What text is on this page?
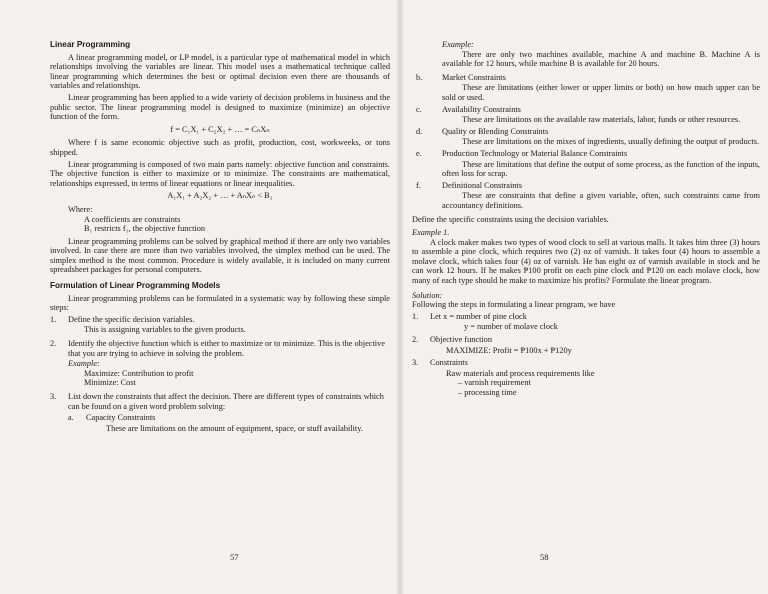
Linear Programming

A linear programming model, or LP model, is a particular type of mathematical model in which relationships involving the variables are linear. This model uses a mathematical technique called linear programming which determines the best or optimal decision even there are thousands of variables and relationships.

Linear programming has been applied to a wide variety of decision problems in business and the public sector. The linear programming model is designed to maximize (minimize) an objective function of the form.

f = C₁X₁ + C₂X₂ + … = CₙXₙ

Where f is same economic objective such as profit, production, cost, workweeks, or tons shipped.

Linear programming is composed of two main parts namely: objective function and constraints. The objective function is either to maximize or to minimize. The constraints are mathematical, relationships expressed, in terms of linear equations or linear inequalities.

A₁X₁ + A₂X₂ + … + AₙXₙ < B₁
Where:
A coefficients are constraints
B₁ restricts f₁, the objective function

Linear programming problems can be solved by graphical method if there are only two variables involved. In case there are more than two variables involved, the simplex method can be used. The simplex method is the most common. Procedure is widely available, it is included on many current spreadsheet packages for personal computers.

Formulation of Linear Programming Models

Linear programming problems can be formulated in a systematic way by following these simple steps:

1.	Define the specific decision variables.
This is assigning variables to the given products.
2.	Identify the objective function which is either to maximize or to minimize. This is the objective that you are trying to achieve in solving the problem.
Example:
Maximize: Contribution to profit
Minimize: Cost
3.	List down the constraints that affect the decision. There are different types of constraints which can be found on a given word problem solving:
a.	Capacity Constraints

These are limitations on the amount of equipment, space, or stuff availability.

57
Example:

There are only two machines available, machine A and machine B. Machine A is available for 12 hours, while machine B is available for 20 hours.

b.	Market Constraints

These are limitations (either lower or upper limits or both) on how much upper can be sold or used.

c.	Availability Constraints

These are limitations on the available raw materials, labor, funds or other resources.

d.	Quality or Blending Constraints

These are limitations on the mixes of ingredients, usually defining the output of products.

e.	Production Technology or Material Balance Constraints

These are limitations that define the output of some process, as the function of the inputs, often loss for scrap.

f.	Definitional Constraints

These are constraints that define a given variable, often, such constraints came from accountancy definitions.

Define the specific constraints using the decision variables.

Example 1.

A clock maker makes two types of wood clock to sell at various malls. It takes him three (3) hours to assemble a pine clock, which requires two (2) oz of varnish. It takes four (4) hours to assemble a molave clock, which takes four (4) oz of varnish. He has eight oz of varnish available in stock and he can work 12 hours. If he makes ₱100 profit on each pine clock and ₱120 on each molave clock, how many of each type should he make to maximize his profits? Formulate the linear program.

Solution:

Following the steps in formulating a linear program, we have

1.	Let x = number of pine clock
y = number of molave clock
2.	Objective function
MAXIMIZE: Profit = ₱100x + ₱120y
3.	Constraints
Raw materials and process requirements like
– varnish requirement
– processing time
58
